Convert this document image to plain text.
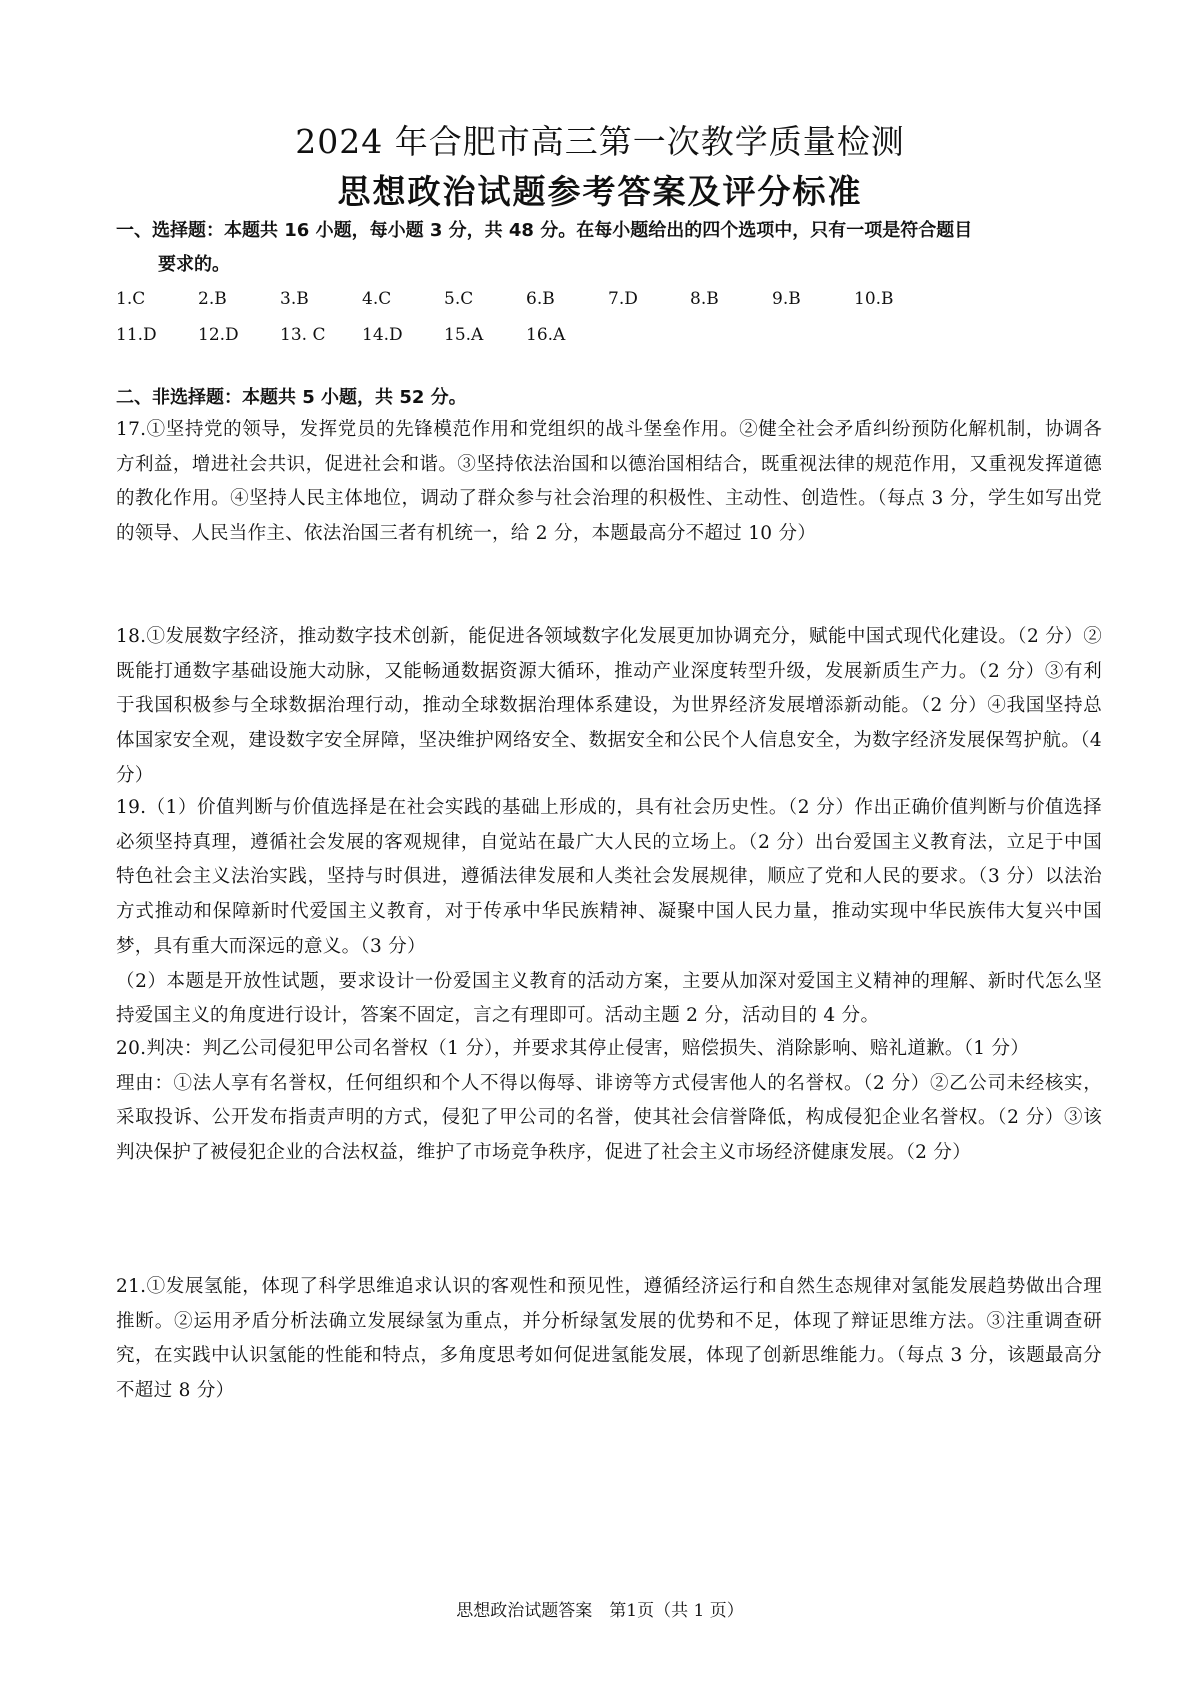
2024 年合肥市高三第一次教学质量检测
思想政治试题参考答案及评分标准
一、选择题：本题共 16 小题，每小题 3 分，共 48 分。在每小题给出的四个选项中，只有一项是符合题目
要求的。
1.C	2.B	3.B	4.C	5.C	6.B	7.D	8.B	9.B	10.B
11.D	12.D	13. C	14.D	15.A	16.A
二、非选择题：本题共 5 小题，共 52 分。

17.①坚持党的领导，发挥党员的先锋模范作用和党组织的战斗堡垒作用。②健全社会矛盾纠纷预防化解机制，协调各方利益，增进社会共识，促进社会和谐。③坚持依法治国和以德治国相结合，既重视法律的规范作用，又重视发挥道德的教化作用。④坚持人民主体地位，调动了群众参与社会治理的积极性、主动性、创造性。（每点 3 分，学生如写出党的领导、人民当作主、依法治国三者有机统一，给 2 分，本题最高分不超过 10 分）

18.①发展数字经济，推动数字技术创新，能促进各领域数字化发展更加协调充分，赋能中国式现代化建设。（2 分）②既能打通数字基础设施大动脉，又能畅通数据资源大循环，推动产业深度转型升级，发展新质生产力。（2 分）③有利于我国积极参与全球数据治理行动，推动全球数据治理体系建设，为世界经济发展增添新动能。（2 分）④我国坚持总体国家安全观，建设数字安全屏障，坚决维护网络安全、数据安全和公民个人信息安全，为数字经济发展保驾护航。（4 分）

19.（1）价值判断与价值选择是在社会实践的基础上形成的，具有社会历史性。（2 分）作出正确价值判断与价值选择必须坚持真理，遵循社会发展的客观规律，自觉站在最广大人民的立场上。（2 分）出台爱国主义教育法，立足于中国特色社会主义法治实践，坚持与时俱进，遵循法律发展和人类社会发展规律，顺应了党和人民的要求。（3 分）以法治方式推动和保障新时代爱国主义教育，对于传承中华民族精神、凝聚中国人民力量，推动实现中华民族伟大复兴中国梦，具有重大而深远的意义。（3 分）

（2）本题是开放性试题，要求设计一份爱国主义教育的活动方案，主要从加深对爱国主义精神的理解、新时代怎么坚持爱国主义的角度进行设计，答案不固定，言之有理即可。活动主题 2 分，活动目的 4 分。

20.判决：判乙公司侵犯甲公司名誉权（1 分），并要求其停止侵害，赔偿损失、消除影响、赔礼道歉。（1 分）

理由：①法人享有名誉权，任何组织和个人不得以侮辱、诽谤等方式侵害他人的名誉权。（2 分）②乙公司未经核实，采取投诉、公开发布指责声明的方式，侵犯了甲公司的名誉，使其社会信誉降低，构成侵犯企业名誉权。（2 分）③该判决保护了被侵犯企业的合法权益，维护了市场竞争秩序，促进了社会主义市场经济健康发展。（2 分）

21.①发展氢能，体现了科学思维追求认识的客观性和预见性，遵循经济运行和自然生态规律对氢能发展趋势做出合理推断。②运用矛盾分析法确立发展绿氢为重点，并分析绿氢发展的优势和不足，体现了辩证思维方法。③注重调查研究，在实践中认识氢能的性能和特点，多角度思考如何促进氢能发展，体现了创新思维能力。（每点 3 分，该题最高分不超过 8 分）

思想政治试题答案　第1页（共 1 页）
